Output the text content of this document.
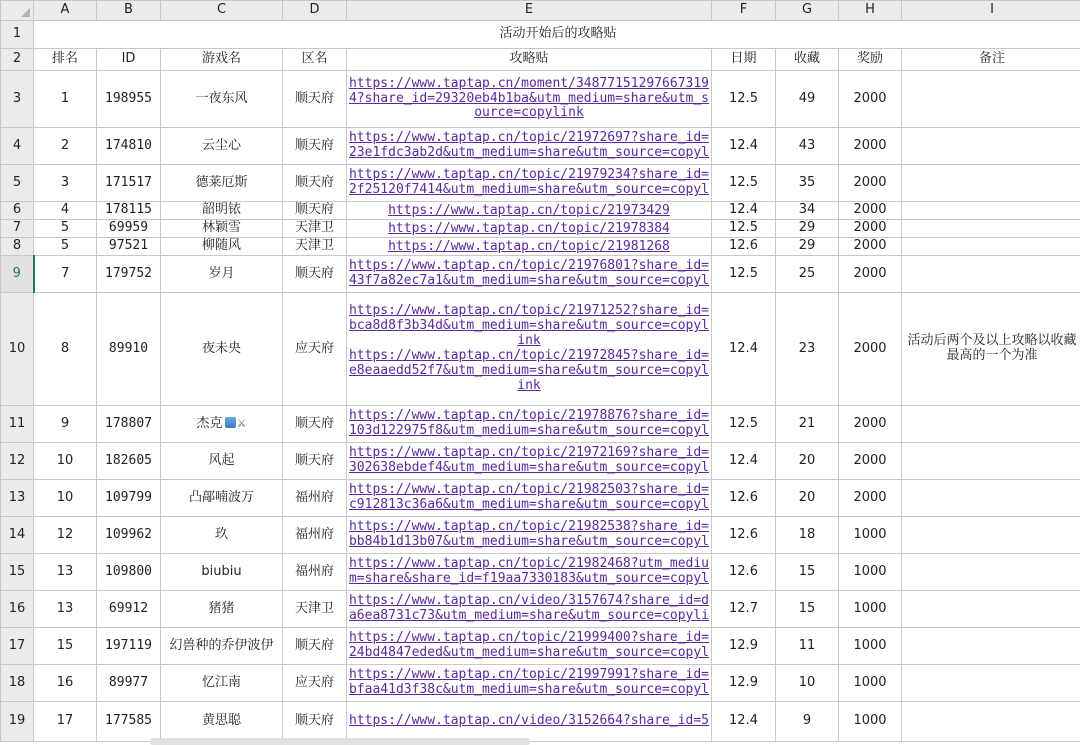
	A	B	C	D	E	F	G	H	I
1	活动开始后的攻略贴								
2	排名	ID	游戏名	区名	攻略贴	日期	收藏	奖励	备注
3	1	198955	一夜东风	顺天府	https://www.taptap.cn/moment/348771512976673194?share_id=29320eb4b1ba&utm_medium=share&utm_source=copylink	12.5	49	2000	
4	2	174810	云尘心	顺天府	https://www.taptap.cn/topic/21972697?share_id=23e1fdc3ab2d&utm_medium=share&utm_source=copyl	12.4	43	2000	
5	3	171517	德莱厄斯	顺天府	https://www.taptap.cn/topic/21979234?share_id=2f25120f7414&utm_medium=share&utm_source=copyl	12.5	35	2000	
6	4	178115	韶明铱	顺天府	https://www.taptap.cn/topic/21973429	12.4	34	2000	
7	5	69959	林颖雪	天津卫	https://www.taptap.cn/topic/21978384	12.5	29	2000	
8	5	97521	柳随风	天津卫	https://www.taptap.cn/topic/21981268	12.6	29	2000	
9	7	179752	岁月	顺天府	https://www.taptap.cn/topic/21976801?share_id=43f7a82ec7a1&utm_medium=share&utm_source=copyl	12.5	25	2000	
10	8	89910	夜未央	应天府	https://www.taptap.cn/topic/21971252?share_id=bca8d8f3b34d&utm_medium=share&utm_source=copylink
https://www.taptap.cn/topic/21972845?share_id=e8eaaedd52f7&utm_medium=share&utm_source=copylink	12.4	23	2000	活动后两个及以上攻略以收藏最高的一个为准
11	9	178807	杰克 ⚔	顺天府	https://www.taptap.cn/topic/21978876?share_id=103d122975f8&utm_medium=share&utm_source=copyl	12.5	21	2000	
12	10	182605	风起	顺天府	https://www.taptap.cn/topic/21972169?share_id=302638ebdef4&utm_medium=share&utm_source=copyl	12.4	20	2000	
13	10	109799	凸鄗喃波万	福州府	https://www.taptap.cn/topic/21982503?share_id=c912813c36a6&utm_medium=share&utm_source=copyl	12.6	20	2000	
14	12	109962	玖	福州府	https://www.taptap.cn/topic/21982538?share_id=bb84b1d13b07&utm_medium=share&utm_source=copyl	12.6	18	1000	
15	13	109800	biubiu	福州府	https://www.taptap.cn/topic/21982468?utm_medium=share&share_id=f19aa7330183&utm_source=copyl	12.6	15	1000	
16	13	69912	猪猪	天津卫	https://www.taptap.cn/video/3157674?share_id=da6ea8731c73&utm_medium=share&utm_source=copyli	12.7	15	1000	
17	15	197119	幻兽种的乔伊波伊	顺天府	https://www.taptap.cn/topic/21999400?share_id=24bd4847eded&utm_medium=share&utm_source=copyl	12.9	11	1000	
18	16	89977	忆江南	应天府	https://www.taptap.cn/topic/21997991?share_id=bfaa41d3f38c&utm_medium=share&utm_source=copyl	12.9	10	1000	
19	17	177585	黄思聪	顺天府	https://www.taptap.cn/video/3152664?share_id=5	12.4	9	1000	
